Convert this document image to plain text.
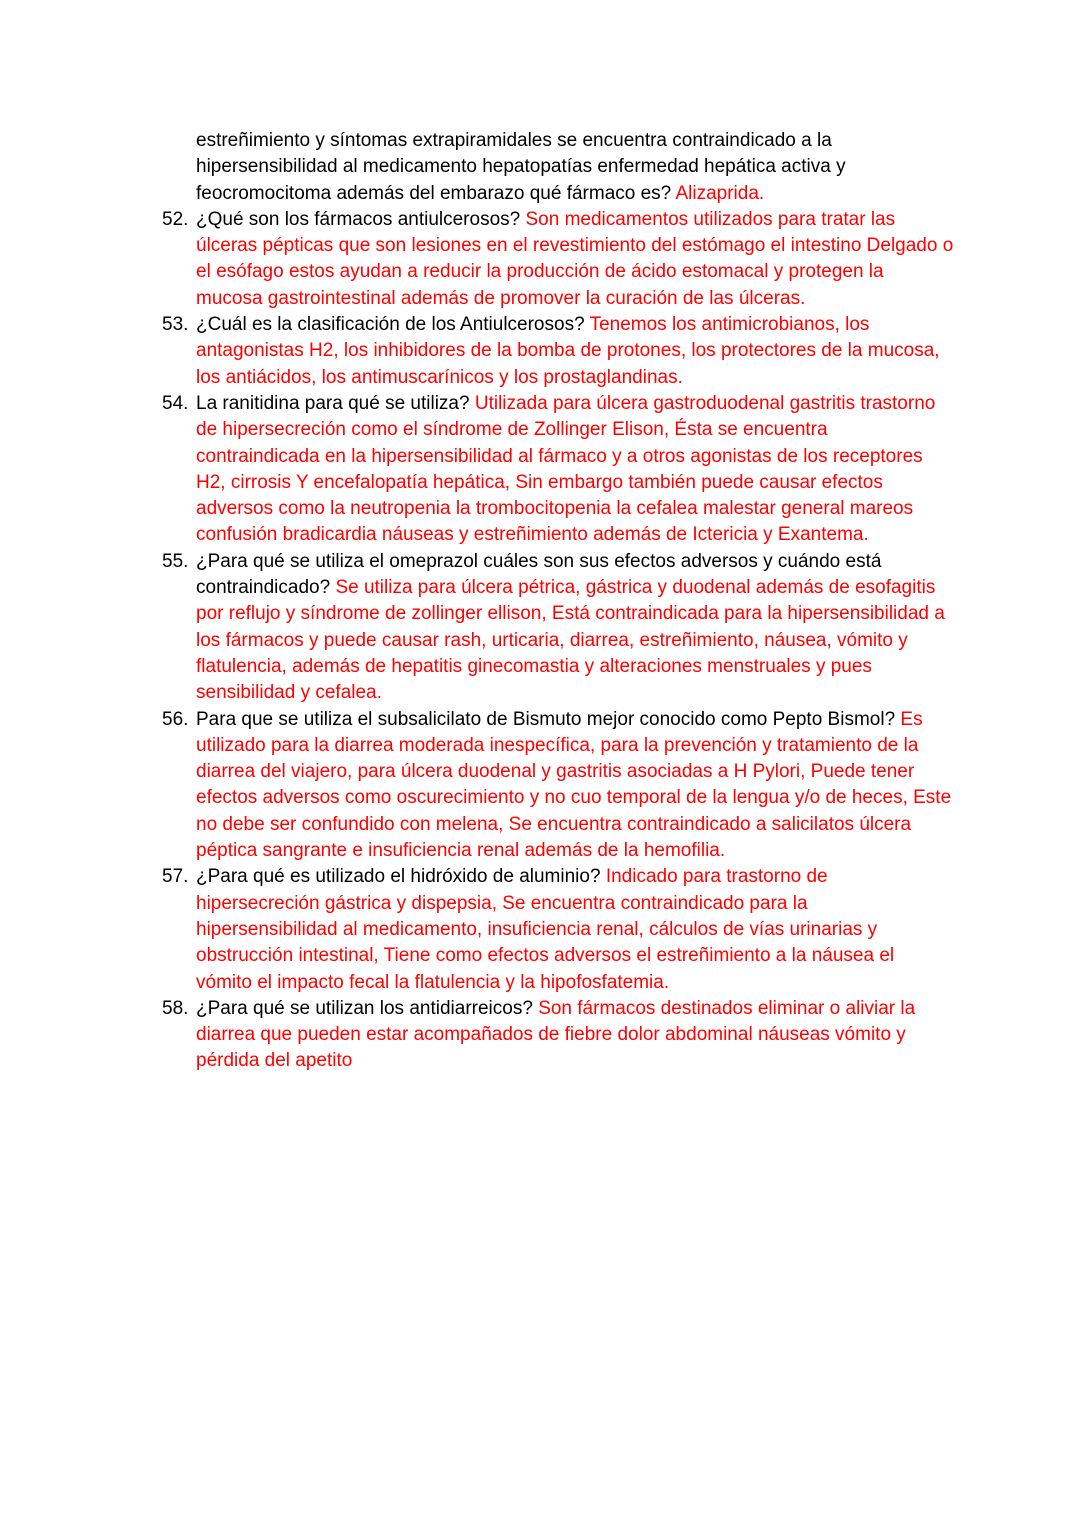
estreñimiento y síntomas extrapiramidales se encuentra contraindicado a la hipersensibilidad al medicamento hepatopatías enfermedad hepática activa y feocromocitoma además del embarazo qué fármaco es? Alizaprida.
52. ¿Qué son los fármacos antiulcerosos? Son medicamentos utilizados para tratar las úlceras pépticas que son lesiones en el revestimiento del estómago el intestino Delgado o el esófago estos ayudan a reducir la producción de ácido estomacal y protegen la mucosa gastrointestinal además de promover la curación de las úlceras.
53. ¿Cuál es la clasificación de los Antiulcerosos? Tenemos los antimicrobianos, los antagonistas H2, los inhibidores de la bomba de protones, los protectores de la mucosa, los antiácidos, los antimuscarínicos y los prostaglandinas.
54. La ranitidina para qué se utiliza? Utilizada para úlcera gastroduodenal gastritis trastorno de hipersecreción como el síndrome de Zollinger Elison, Ésta se encuentra contraindicada en la hipersensibilidad al fármaco y a otros agonistas de los receptores H2, cirrosis Y encefalopatía hepática, Sin embargo también puede causar efectos adversos como la neutropenia la trombocitopenia la cefalea malestar general mareos confusión bradicardia náuseas y estreñimiento además de Ictericia y Exantema.
55. ¿Para qué se utiliza el omeprazol cuáles son sus efectos adversos y cuándo está contraindicado? Se utiliza para úlcera pétrica, gástrica y duodenal además de esofagitis por reflujo y síndrome de zollinger ellison, Está contraindicada para la hipersensibilidad a los fármacos y puede causar rash, urticaria, diarrea, estreñimiento, náusea, vómito y flatulencia, además de hepatitis ginecomastia y alteraciones menstruales y pues sensibilidad y cefalea.
56. Para que se utiliza el subsalicilato de Bismuto mejor conocido como Pepto Bismol? Es utilizado para la diarrea moderada inespecífica, para la prevención y tratamiento de la diarrea del viajero, para úlcera duodenal y gastritis asociadas a H Pylori, Puede tener efectos adversos como oscurecimiento y no cuo temporal de la lengua y/o de heces, Este no debe ser confundido con melena, Se encuentra contraindicado a salicilatos úlcera péptica sangrante e insuficiencia renal además de la hemofilia.
57. ¿Para qué es utilizado el hidróxido de aluminio? Indicado para trastorno de hipersecreción gástrica y dispepsia, Se encuentra contraindicado para la hipersensibilidad al medicamento, insuficiencia renal, cálculos de vías urinarias y obstrucción intestinal, Tiene como efectos adversos el estreñimiento a la náusea el vómito el impacto fecal la flatulencia y la hipofosfatemia.
58. ¿Para qué se utilizan los antidiarreicos? Son fármacos destinados eliminar o aliviar la diarrea que pueden estar acompañados de fiebre dolor abdominal náuseas vómito y pérdida del apetito
